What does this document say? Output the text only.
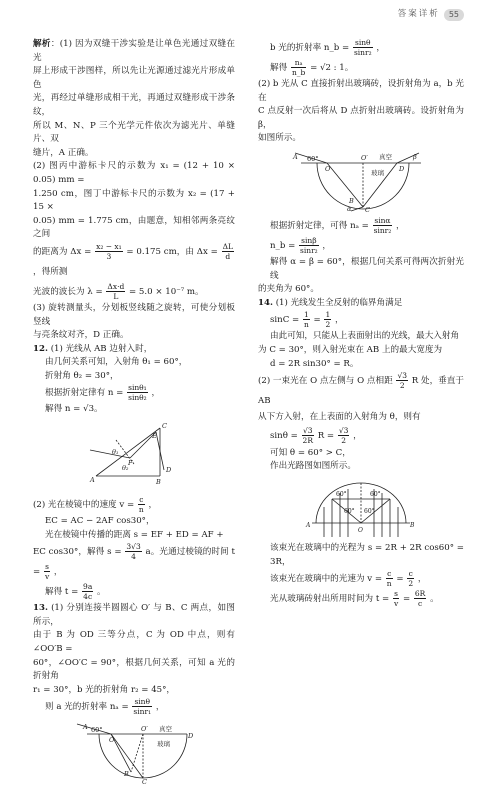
答案详析	55

解析：(1) 因为双缝干涉实验是让单色光通过双缝在光

屏上形成干涉图样，所以先让光源通过滤光片形成单色

光，再经过单缝形成相干光，再通过双缝形成干涉条纹，

所以 M、N、P 三个光学元件依次为滤光片、单缝片、双

缝片，A 正确。

(2) 图丙中游标卡尺的示数为 x₁ = (12 + 10 × 0.05) mm =

1.250 cm，图丁中游标卡尺的示数为 x₂ = (17 + 15 ×

0.05) mm = 1.775 cm，由题意，知相邻两条亮纹之间

的距离为 $\Delta x = \frac{\text{x₂ − x₁}}{3} = 0.175$ cm，由 $\Delta x = \frac{\Delta L}{d}$
，得所测

光波的波长为 $\lambda = \frac{\Delta x\cdot d}{L} = 5.0 \times 10^{-7}$ m。

(3) 旋转测量头，分划板竖线随之旋转，可使分划板竖线

与亮条纹对齐，D 正确。

12. (1) 光线从 AB 边射入时，

由几何关系可知，入射角 θ₁ = 60°，

折射角 θ₂ = 30°，

根据折射定律有 $n = \frac{\text{sinθ₁}}{\text{sinθ₂}}$ ，

解得 n = √3。

A	B
C
D
E
F
θ₁
θ₂

(2) 光在棱镜中的速度 $v = \frac{c}{n}$ ，

EC = AC − 2AF cos30°，

光在棱镜中传播的距离 s = EF + ED = AF +

EC cos30°，解得 $s = \frac{3√3}{4}$ a。光通过棱镜的时间 $t = \frac{s}{v}$ ，

解得 $t = \frac{9a}{4c}$ 。

13. (1) 分别连接半圆圆心 O′ 与 B、C 两点，如图所示，

由于 B 为 OD 三等分点，C 为 OD 中点，则有 ∠OO′B =

60°，∠OO′C = 90°，根据几何关系，可知 a 光的折射角

r₁ = 30°，b 光的折射角 r₂ = 45°，

则 a 光的折射率 $n_a = \frac{\sin\theta}{\text{sinr₁}}$ ，

A 60°
O
O′
D
B
C
真空
玻璃

b 光的折射率 n_b = $\frac{\sin\theta}{\text{sinr₂}}$ ，

解得 $\frac{\text{nₐ}}{n\_b} = √2$ : 1。

(2) b 光从 C 直接折射出玻璃砖，设折射角为 a，b 光在

C 点反射一次后将从 D 点折射出玻璃砖。设折射角为 β，

如图所示。

A 60°
O
O′
D
B
C
真空
玻璃
α
β

根据折射定律，可得 $n_a = \frac{\sin\alpha}{\text{sinr₂}}$ ，

n_b = $\frac{\sin\beta}{\text{sinr₂}}$ ，

解得 α = β = 60°，根据几何关系可得两次折射光线

的夹角为 60°。

14. (1) 光线发生全反射的临界角满足

$\sin C = \frac{1}{n} = \frac{1}{2}$ ，

由此可知，只能从上表面射出的光线，最大入射角

为 C = 30°，则入射光束在 AB 上的最大宽度为

d = 2R sin30° = R。

(2) 一束光在 O 点左侧与 O 点相距 $\frac{√3}{2}$ R 处，垂直于 AB

从下方入射，在上表面的入射角为 θ，则有

$\sin\theta = \frac{√3}{2R}$ $R = \frac{√3}{2}$ ，

可知 θ = 60° > C，

作出光路图如图所示。

A
O
B
60°	60°
60° 60°

该束光在玻璃中的光程为 s = 2R + 2R cos60° = 3R，

该束光在玻璃中的光速为 $v = \frac{c}{n} = \frac{c}{2}$ ，

光从玻璃砖射出所用时间为 $t = \frac{s}{v} = \frac{6R}{c}$ 。
